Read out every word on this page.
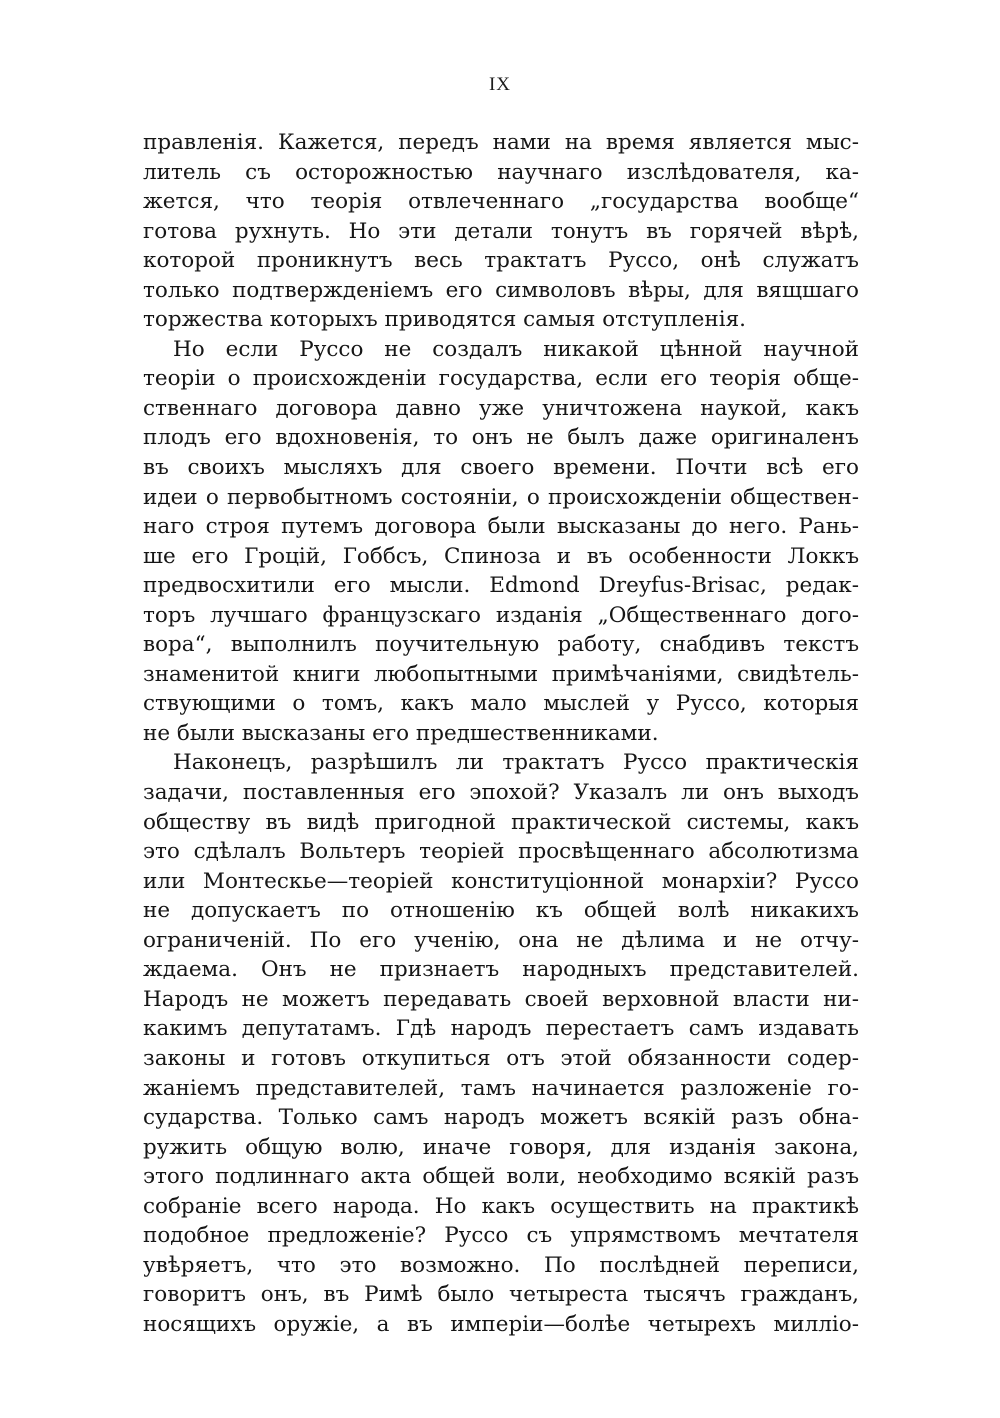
IX
правленія. Кажется, передъ нами на время является мыс-
литель съ осторожностью научнаго изслѣдователя, ка-
жется, что теорія отвлеченнаго „государства вообще“
готова рухнуть. Но эти детали тонутъ въ горячей вѣрѣ,
которой проникнутъ весь трактатъ Руссо, онѣ служатъ
только подтвержденіемъ его символовъ вѣры, для вящшаго
торжества которыхъ приводятся самыя отступленія.
Но если Руссо не создалъ никакой цѣнной научной
теоріи о происхожденіи государства, если его теорія обще-
ственнаго договора давно уже уничтожена наукой, какъ
плодъ его вдохновенія, то онъ не былъ даже оригиналенъ
въ своихъ мысляхъ для своего времени. Почти всѣ его
идеи о первобытномъ состояніи, о происхожденіи обществен-
наго строя путемъ договора были высказаны до него. Рань-
ше его Гроцій, Гоббсъ, Спиноза и въ особенности Локкъ
предвосхитили его мысли. Edmond Dreyfus-Brisac, редак-
торъ лучшаго французскаго изданія „Общественнаго дого-
вора“, выполнилъ поучительную работу, снабдивъ текстъ
знаменитой книги любопытными примѣчаніями, свидѣтель-
ствующими о томъ, какъ мало мыслей у Руссо, которыя
не были высказаны его предшественниками.
Наконецъ, разрѣшилъ ли трактатъ Руссо практическія
задачи, поставленныя его эпохой? Указалъ ли онъ выходъ
обществу въ видѣ пригодной практической системы, какъ
это сдѣлалъ Вольтеръ теоріей просвѣщеннаго абсолютизма
или Монтескье—теоріей конституціонной монархіи? Руссо
не допускаетъ по отношенію къ общей волѣ никакихъ
ограниченій. По его ученію, она не дѣлима и не отчу-
ждаема. Онъ не признаетъ народныхъ представителей.
Народъ не можетъ передавать своей верховной власти ни-
какимъ депутатамъ. Гдѣ народъ перестаетъ самъ издавать
законы и готовъ откупиться отъ этой обязанности содер-
жаніемъ представителей, тамъ начинается разложеніе го-
сударства. Только самъ народъ можетъ всякій разъ обна-
ружить общую волю, иначе говоря, для изданія закона,
этого подлиннаго акта общей воли, необходимо всякій разъ
собраніе всего народа. Но какъ осуществить на практикѣ
подобное предложеніе? Руссо съ упрямствомъ мечтателя
увѣряетъ, что это возможно. По послѣдней переписи,
говоритъ онъ, въ Римѣ было четыреста тысячъ гражданъ,
носящихъ оружіе, а въ имперіи—болѣе четырехъ милліо-
